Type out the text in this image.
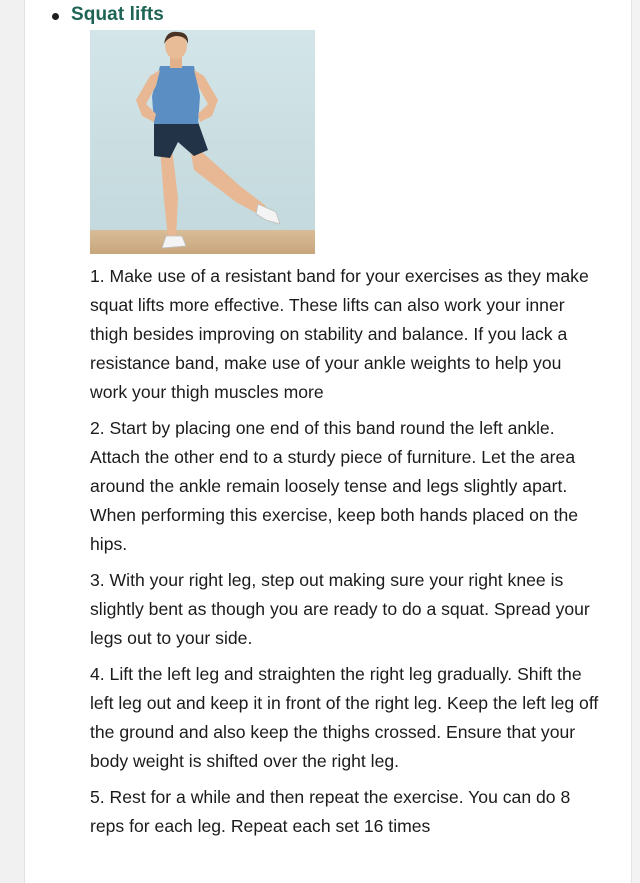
Squat lifts

1. Make use of a resistant band for your exercises as they make squat lifts more effective. These lifts can also work your inner thigh besides improving on stability and balance. If you lack a resistance band, make use of your ankle weights to help you work your thigh muscles more

2. Start by placing one end of this band round the left ankle. Attach the other end to a sturdy piece of furniture. Let the area around the ankle remain loosely tense and legs slightly apart. When performing this exercise, keep both hands placed on the hips.

3. With your right leg, step out making sure your right knee is slightly bent as though you are ready to do a squat. Spread your legs out to your side.

4. Lift the left leg and straighten the right leg gradually. Shift the left leg out and keep it in front of the right leg. Keep the left leg off the ground and also keep the thighs crossed. Ensure that your body weight is shifted over the right leg.

5. Rest for a while and then repeat the exercise. You can do 8 reps for each leg. Repeat each set 16 times
